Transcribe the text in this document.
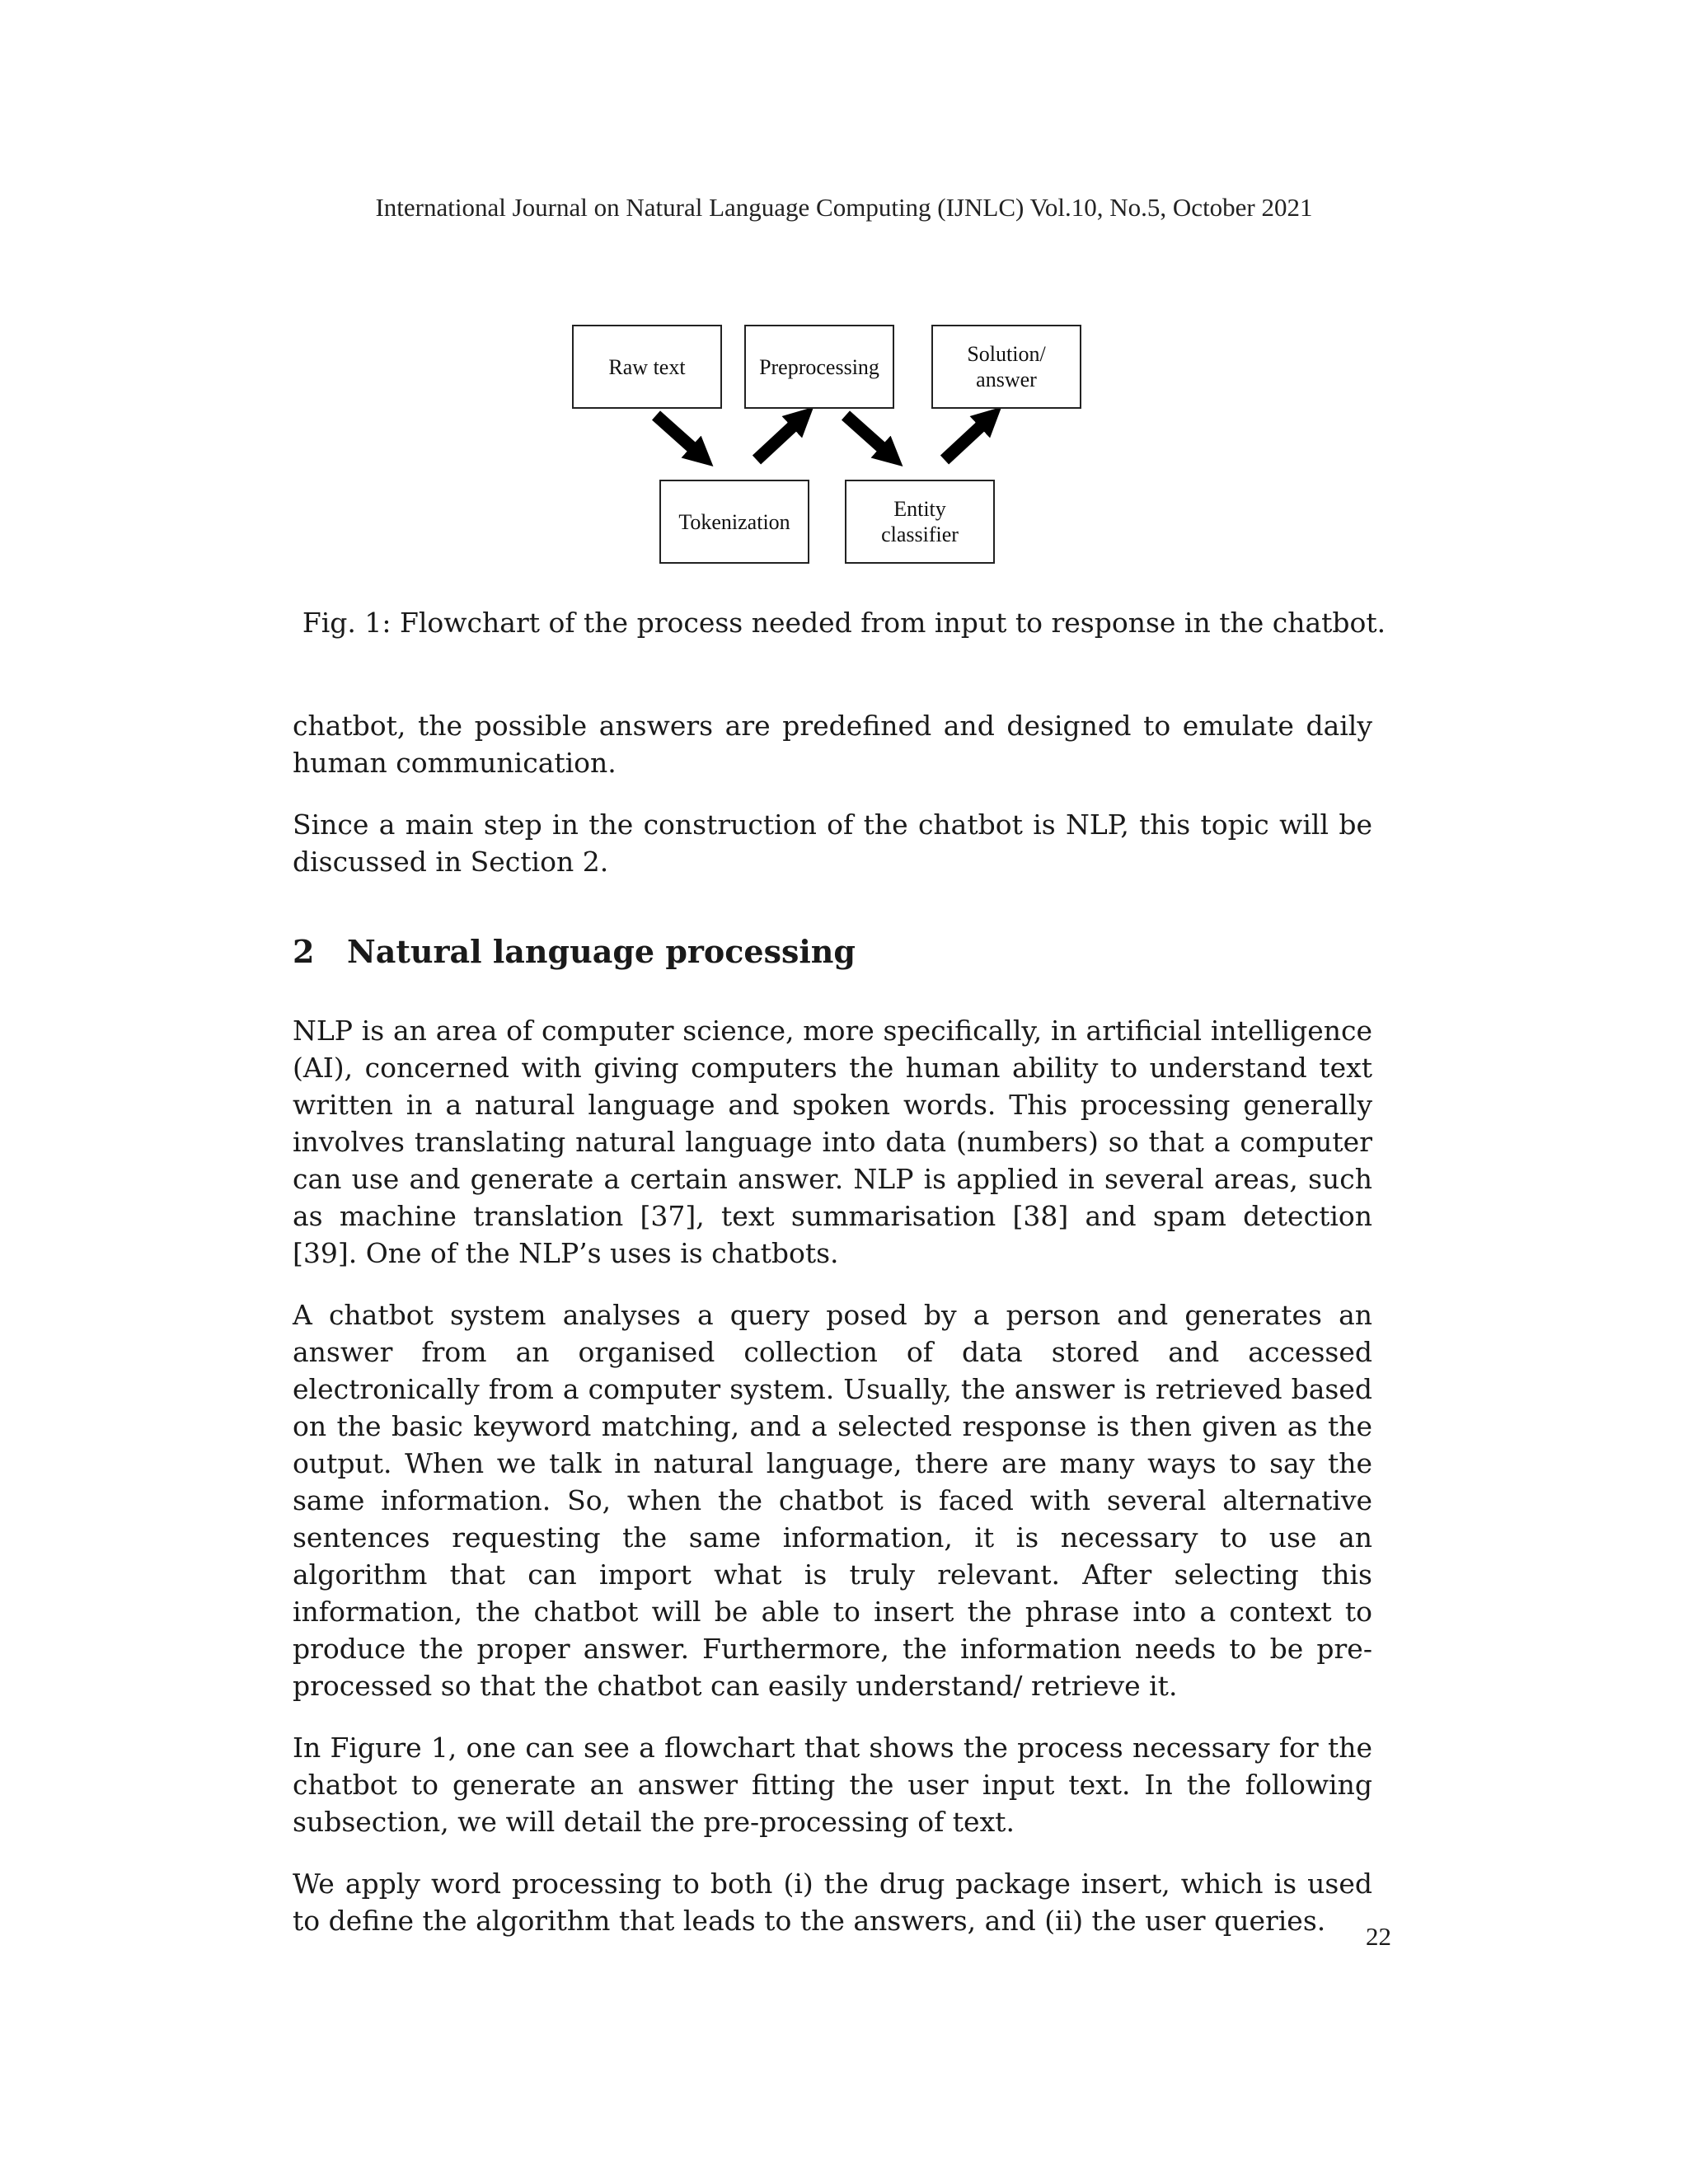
International Journal on Natural Language Computing (IJNLC) Vol.10, No.5, October 2021
Raw text	Preprocessing
Solution/
answer
Tokenization
Entity
classifier
Fig. 1: Flowchart of the process needed from input to response in the chatbot.

chatbot, the possible answers are predefined and designed to emulate daily human communication.

Since a main step in the construction of the chatbot is NLP, this topic will be discussed in Section 2.

2 Natural language processing

NLP is an area of computer science, more specifically, in artificial intelligence (AI), concerned with giving computers the human ability to understand text written in a natural language and spoken words. This processing generally involves translating natural language into data (numbers) so that a computer can use and generate a certain answer. NLP is applied in several areas, such as machine translation [37], text summarisation [38] and spam detection [39]. One of the NLP’s uses is chatbots.

A chatbot system analyses a query posed by a person and generates an answer from an organised collection of data stored and accessed electronically from a computer system. Usually, the answer is retrieved based on the basic keyword matching, and a selected response is then given as the output. When we talk in natural language, there are many ways to say the same information. So, when the chatbot is faced with several alternative sentences requesting the same information, it is necessary to use an algorithm that can import what is truly relevant. After selecting this information, the chatbot will be able to insert the phrase into a context to produce the proper answer. Furthermore, the information needs to be pre-processed so that the chatbot can easily understand/ retrieve it.

In Figure 1, one can see a flowchart that shows the process necessary for the chatbot to generate an answer fitting the user input text. In the following subsection, we will detail the pre-processing of text.

We apply word processing to both (i) the drug package insert, which is used to define the algorithm that leads to the answers, and (ii) the user queries.	22
